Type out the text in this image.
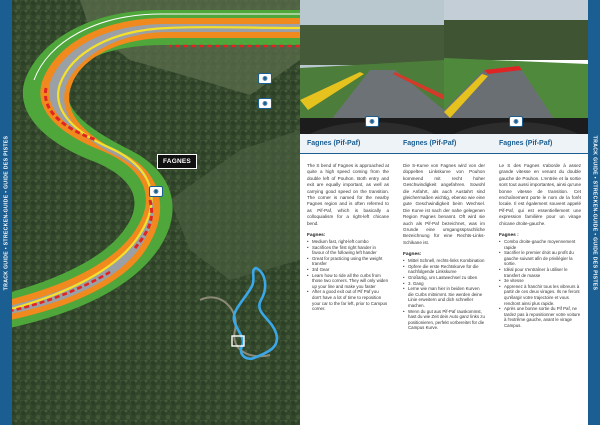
◉
◉
◉
FAGNES
TRACK GUIDE • STRECKEN-GUIDE • GUIDE DES PISTES
◉	◉
Fagnes (Pif-Paf)

The S bend of Fagnes is approached at quite a high speed coming from the double left of Pouhon. Both entry and exit are equally important, as well as carrying good speed on the transition. The corner is named for the nearby Fagnes region and is often referred to as Pif-Paf, which is basically a colloquialism for a right-left chicane bend.

Fagnes:
• Medium fast, right-left combo
• Sacrifices the first right hander in favour of the following left hander
• Great for practicing using the weight transfer
• 3rd Gear
• Learn how to ride all the curbs from those two corners. They will only widen up your line and make you faster
• After a good exit out of Pif Paf you don't have a lot of time to reposition your car to the far left, prior to Campus corner.
Fagnes (Pif-Paf)

Die S-Kurve von Fagnes wird von der doppelten Linkskurve von Pouhon kommend mit recht hoher Geschwindigkeit angefahren. Sowohl die Anfahrt, als auch Austahrt sind gleichermaßen wichtig, ebenso wie eine gute Geschwindigkeit beim Wechsel. Die Kurve ist nach der nahe gelegenen Region Fagnes benannt. Oft wird sie auch als Pif-Paf bezeichnet, was im Grunde eine umgangssprachliche Bezeichnung für eine Rechts-Links-Schikane ist.

Fagnes:
• Mittel Schnell, rechts-links Kombination
• Opfere die erste Rechtskurve für die nachfolgende Linkskurve
• Großartig, um Lastwechsel zu üben
• 3. Gang
• Lerne wie man hier in beiden Kurven die Curbs mitnimmt. Sie werden deine Linie erweitern und dich schneller machen.
• Wenn du gut aus Pif-Paf rauskommst, hast du wie Zeit dein Auto ganz links zu positionieren, perfekt vorbereitet für die Campus Kurve.
Fagnes (Pif-Paf)

Le S des Fagnes s'aborde à assez grande vitesse en venant du double gauche de Pouhon. L'entrée et la sortie sont tout aussi importantes, ainsi qu'une bonne vitesse de transition. Cet enchaînement porte le nom de la forêt locale. Il est également souvent appelé Pif-Paf, qui est essentiellement une expression familière pour un virage chicane droite-gauche.

Fagnes :
• Combo droite-gauche moyennement rapide
• Sacrifier le premier droit au profit du gauche suivant afin de privilégier la sortie.
• Idéal pour s'entraîner à utiliser le transfert de masse
• 3e vitesse
• Apprenez à franchir tous les vibreurs à partir de ces deux virages. Ils ne feront qu'élargir votre trajectoire et vous rendront ainsi plus rapide.
• Après une bonne sortie du Pif Paf, ne tardez pas à repositionner votre voiture à l'extrême gauche, avant le virage Campus.
TRACK GUIDE • STRECKEN-GUIDE • GUIDE DES PISTES
